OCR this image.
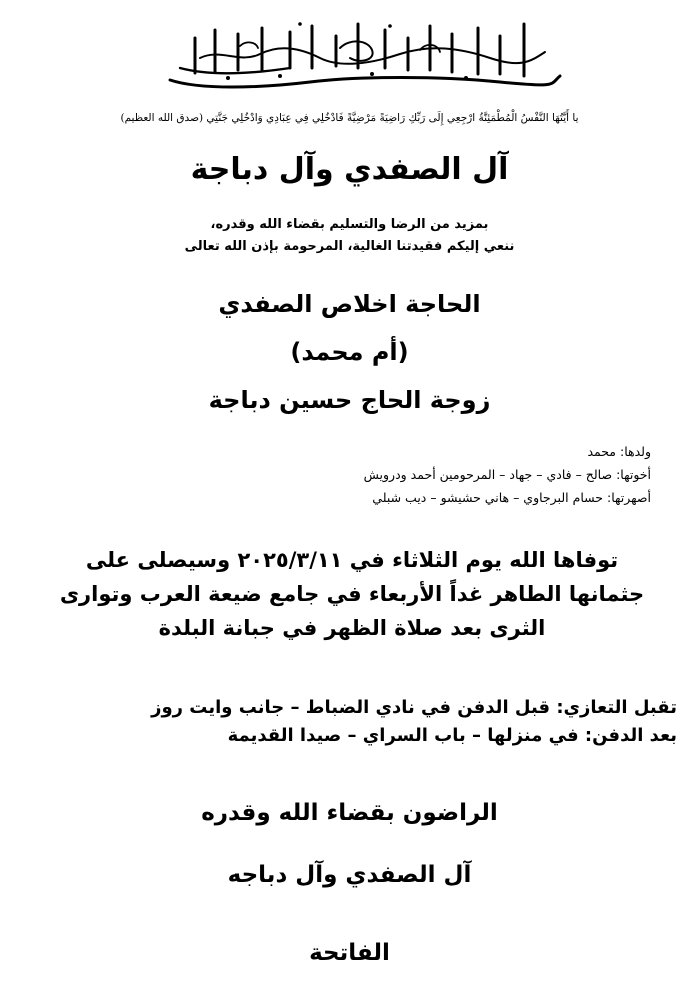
يا أَيَّتُهَا النَّفْسُ الْمُطْمَئِنَّةُ ارْجِعِي إِلَى رَبِّكِ رَاضِيَةً مَرْضِيَّةً فَادْخُلِي فِي عِبَادِي وَادْخُلِي جَنَّتِي (صدق الله العظيم)
آل الصفدي وآل دباجة
بمزيد من الرضا والتسليم بقضاء الله وقدره،
ننعي إليكم فقيدتنا الغالية، المرحومة بإذن الله تعالى
الحاجة اخلاص الصفدي
(أم محمد)
زوجة الحاج حسين دباجة
ولدها: محمد
أخوتها: صالح – فادي – جهاد – المرحومين أحمد ودرويش
أصهرتها: حسام البرجاوي – هاني حشيشو – ديب شبلي
توفاها الله يوم الثلاثاء في ٢٠٢٥/٣/١١ وسيصلى على
جثمانها الطاهر غداً الأربعاء في جامع ضيعة العرب وتوارى
الثرى بعد صلاة الظهر في جبانة البلدة
تقبل التعازي: قبل الدفن في نادي الضباط – جانب وايت روز
بعد الدفن: في منزلها – باب السراي – صيدا القديمة
الراضون بقضاء الله وقدره
آل الصفدي وآل دباجه
الفاتحة
